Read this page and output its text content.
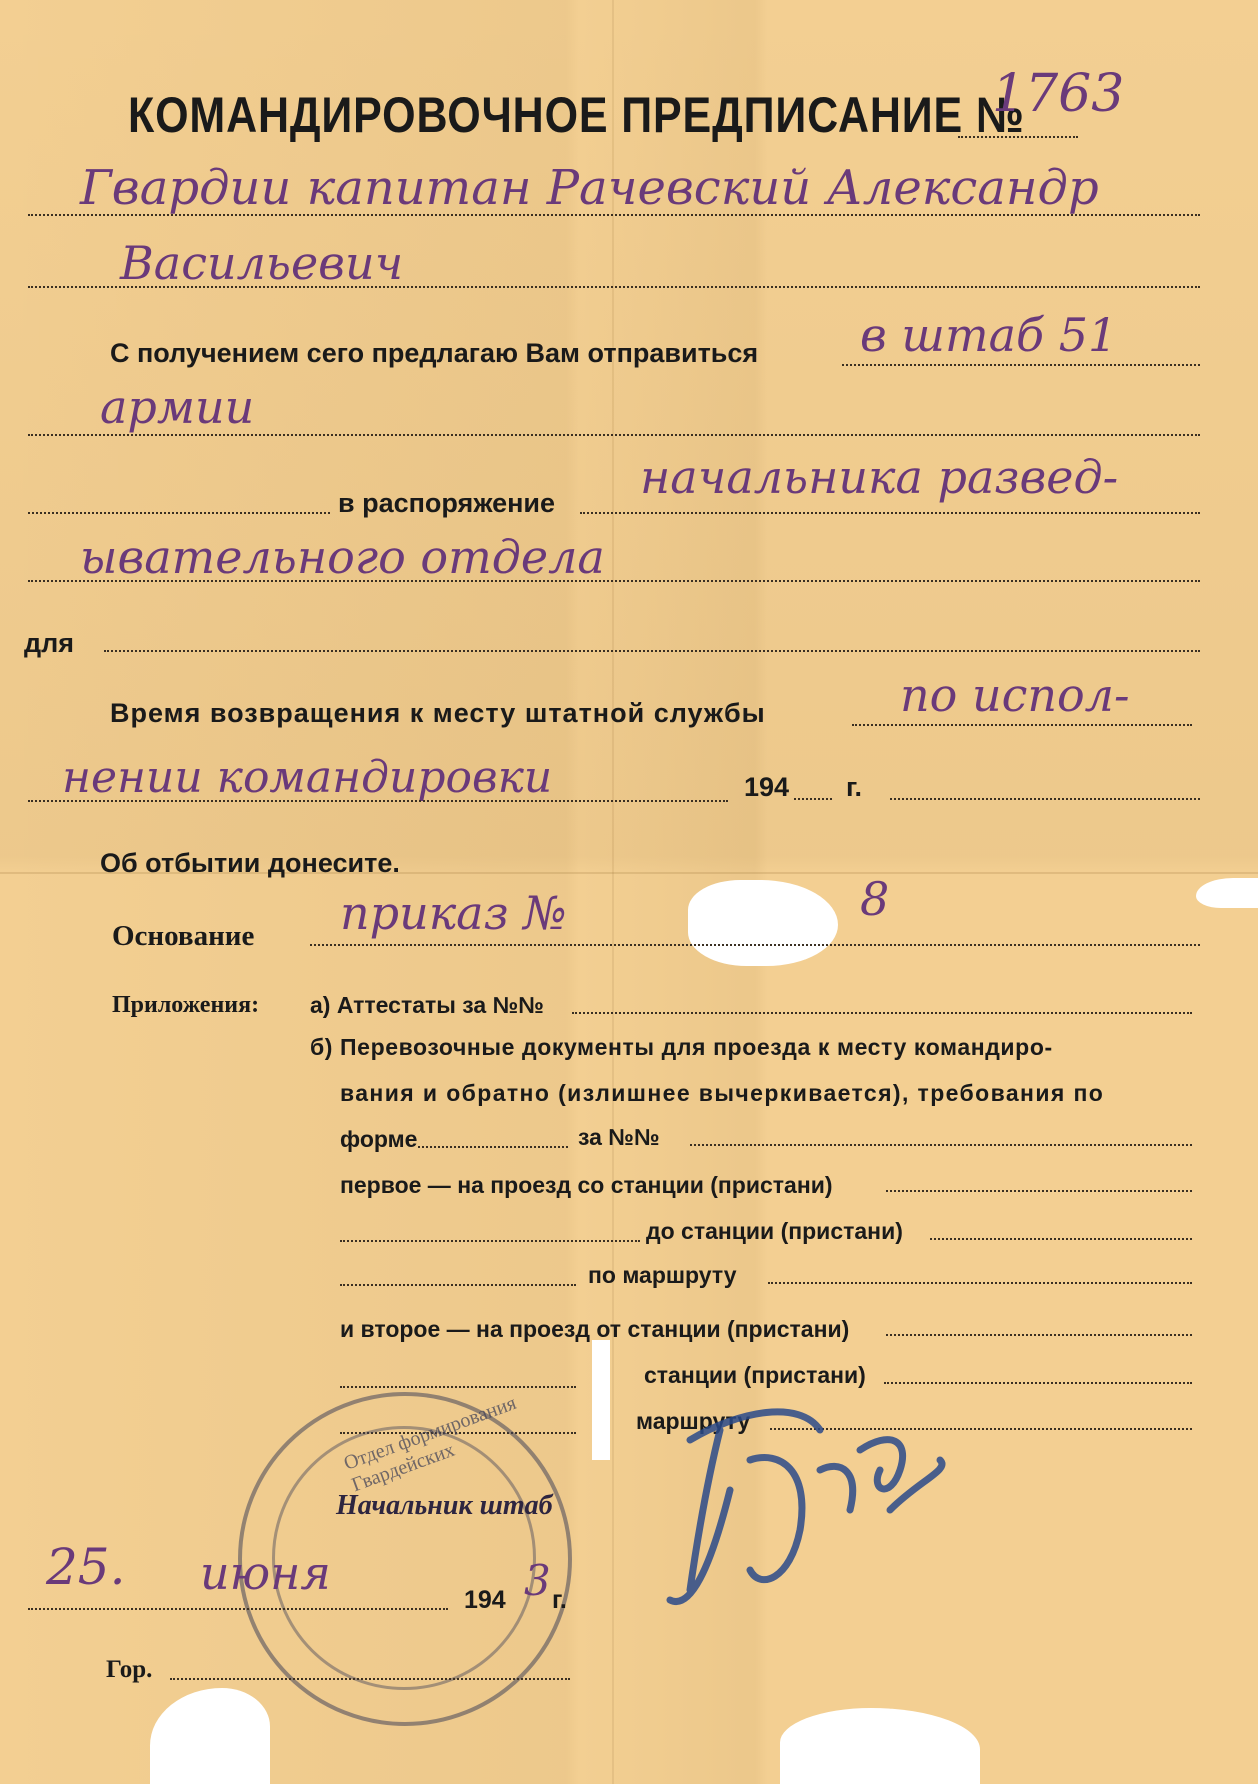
КОМАНДИРОВОЧНОЕ ПРЕДПИСАНИЕ №
1763
Гвардии капитан Рачевский Александр
Васильевич
С получением сего предлагаю Вам отправиться в штаб 51
армии
в распоряжение начальника развед-
ывательного отдела
для
Время возвращения к месту штатной службы	по испол-
нении командировки	194 г.
Об отбытии донесите.
Основание приказ №	8
Приложения: а) Аттестаты за №№
б) Перевозочные документы для проезда к месту командиро-
вания и обратно (излишнее вычеркивается), требования по
форме	за №№
первое — на проезд со станции (пристани)
до станции (пристани)
по маршруту
и второе — на проезд от станции (пристани)
станции (пристани)
маршруту
Отдел формирования Гвардейских
Начальник штаб
25. июня	194 3 г.
Гор.
